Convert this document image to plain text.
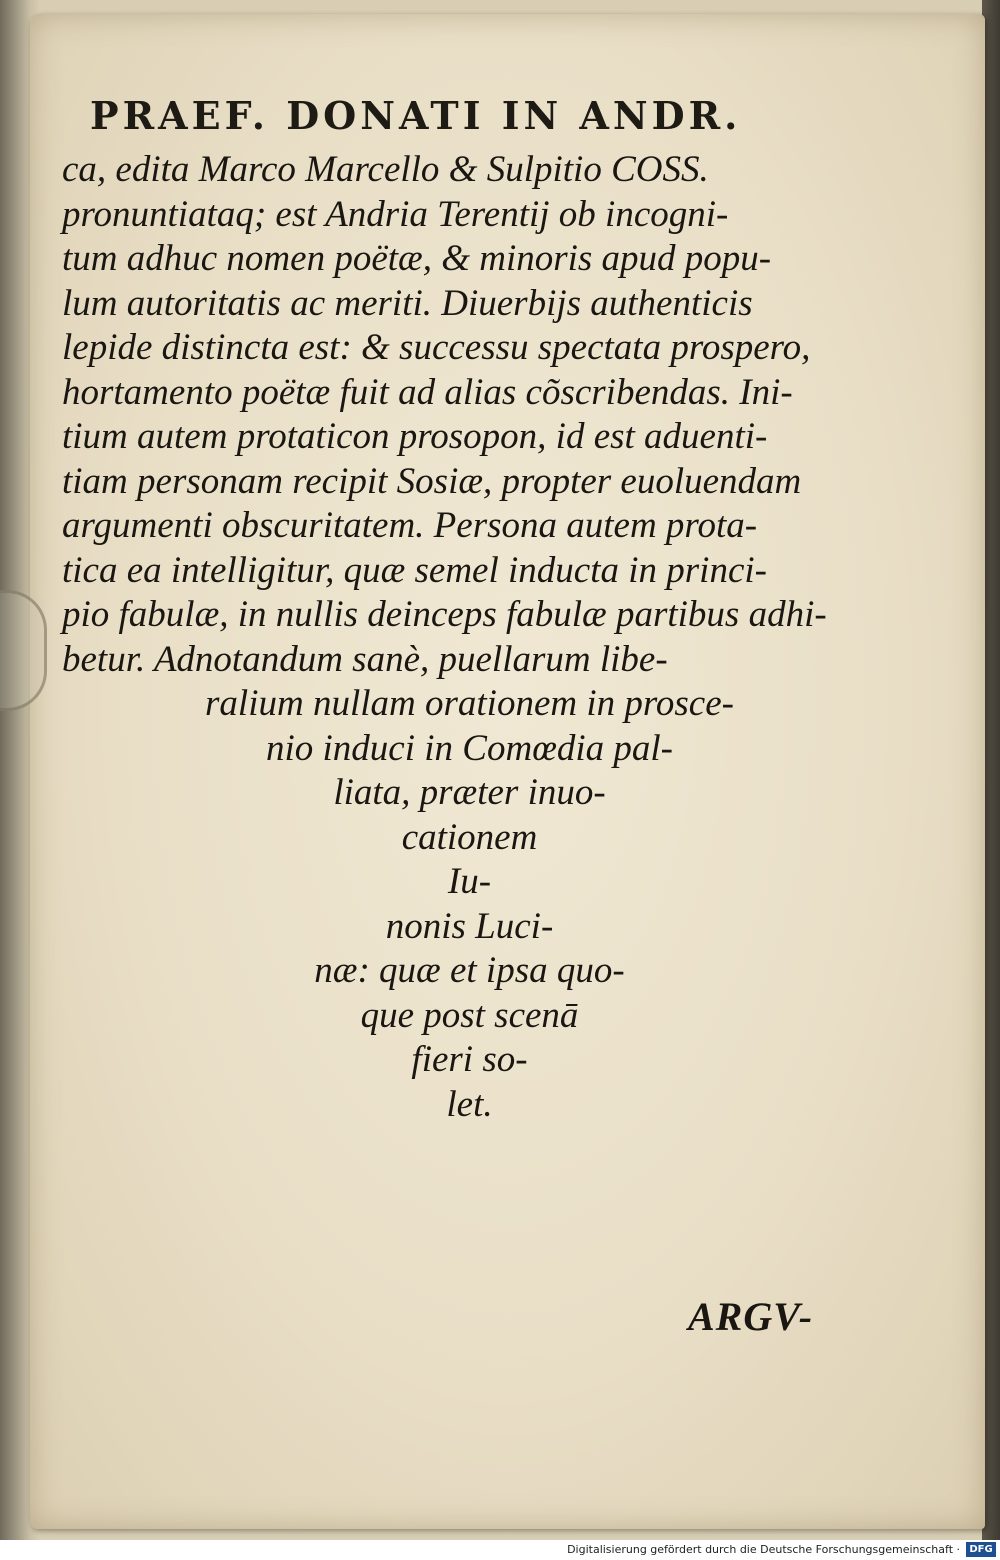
PRAEF. DONATI IN ANDR.
ca, edita Marco Marcello & Sulpitio COSS.
pronuntiataq; est Andria Terentij ob incogni-
tum adhuc nomen poëtæ, & minoris apud popu-
lum autoritatis ac meriti. Diuerbijs authenticis
lepide distincta est: & successu spectata prospero,
hortamento poëtæ fuit ad alias cõscribendas. Ini-
tium autem protaticon prosopon, id est aduenti-
tiam personam recipit Sosiæ, propter euoluendam
argumenti obscuritatem. Persona autem prota-
tica ea intelligitur, quæ semel inducta in princi-
pio fabulæ, in nullis deinceps fabulæ partibus adhi-
betur. Adnotandum sanè, puellarum libe-
ralium nullam orationem in prosce-
nio induci in Comœdia pal-
liata, præter inuo-
cationem
Iu-
nonis Luci-
næ: quæ et ipsa quo-
que post scenā
fieri so-
let.
ARGV-
Digitalisierung gefördert durch die Deutsche Forschungsgemeinschaft · DFG
